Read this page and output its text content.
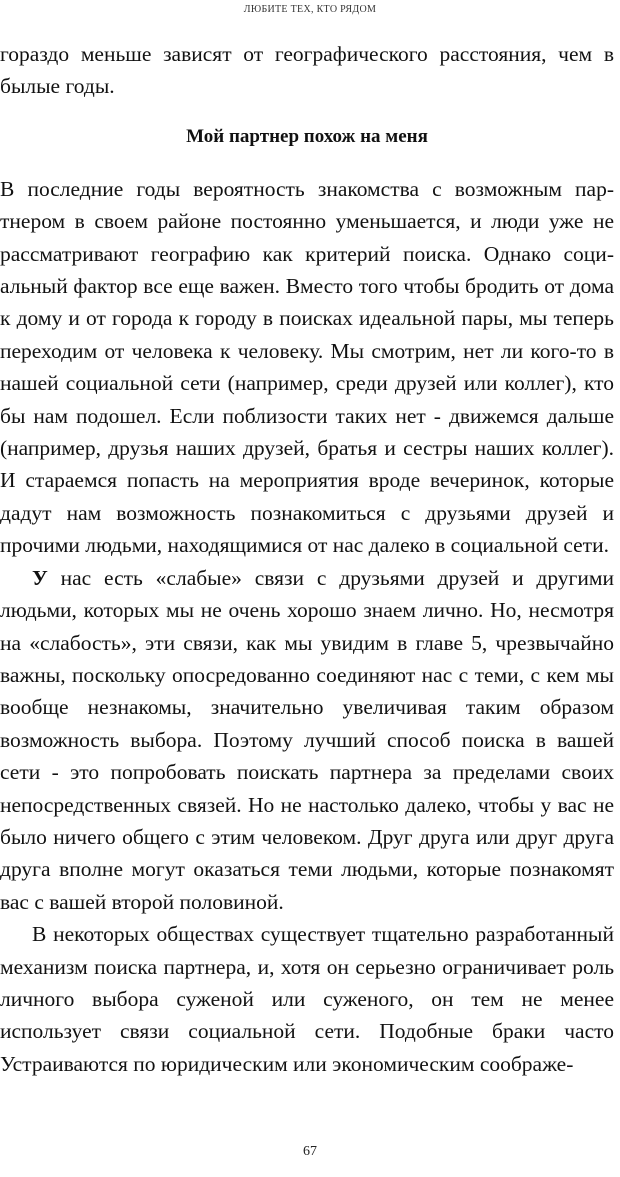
ЛЮБИТЕ ТЕХ, КТО РЯДОМ

гораздо меньше зависят от географического расстояния, чем в былые годы.

Мой партнер похож на меня

В последние годы вероятность знакомства с возможным партнером в своем районе постоянно уменьшается, и люди уже не рассматривают географию как критерий поиска. Однако социальный фактор все еще важен. Вместо того чтобы бродить от дома к дому и от города к городу в поисках идеальной пары, мы теперь переходим от человека к человеку. Мы смотрим, нет ли кого-то в нашей социальной сети (например, среди друзей или коллег), кто бы нам подошел. Если поблизости таких нет - движемся дальше (например, друзья наших друзей, братья и сестры наших коллег). И стараемся попасть на мероприятия вроде вечеринок, которые дадут нам возможность познакомиться с друзьями друзей и прочими людьми, находящимися от нас далеко в социальной сети.

У нас есть «слабые» связи с друзьями друзей и другими людьми, которых мы не очень хорошо знаем лично. Но, несмотря на «слабость», эти связи, как мы увидим в главе 5, чрезвычайно важны, поскольку опосредованно соединяют нас с теми, с кем мы вообще незнакомы, значительно увеличивая таким образом возможность выбора. Поэтому лучший способ поиска в вашей сети - это попробовать поискать партнера за пределами своих непосредственных связей. Но не настолько далеко, чтобы у вас не было ничего общего с этим человеком. Друг друга или друг друга друга вполне могут оказаться теми людьми, которые познакомят вас с вашей второй половиной.

В некоторых обществах существует тщательно разработанный механизм поиска партнера, и, хотя он серьезно ограничивает роль личного выбора суженой или суженого, он тем не менее использует связи социальной сети. Подобные браки часто Устраиваются по юридическим или экономическим соображе-

67
